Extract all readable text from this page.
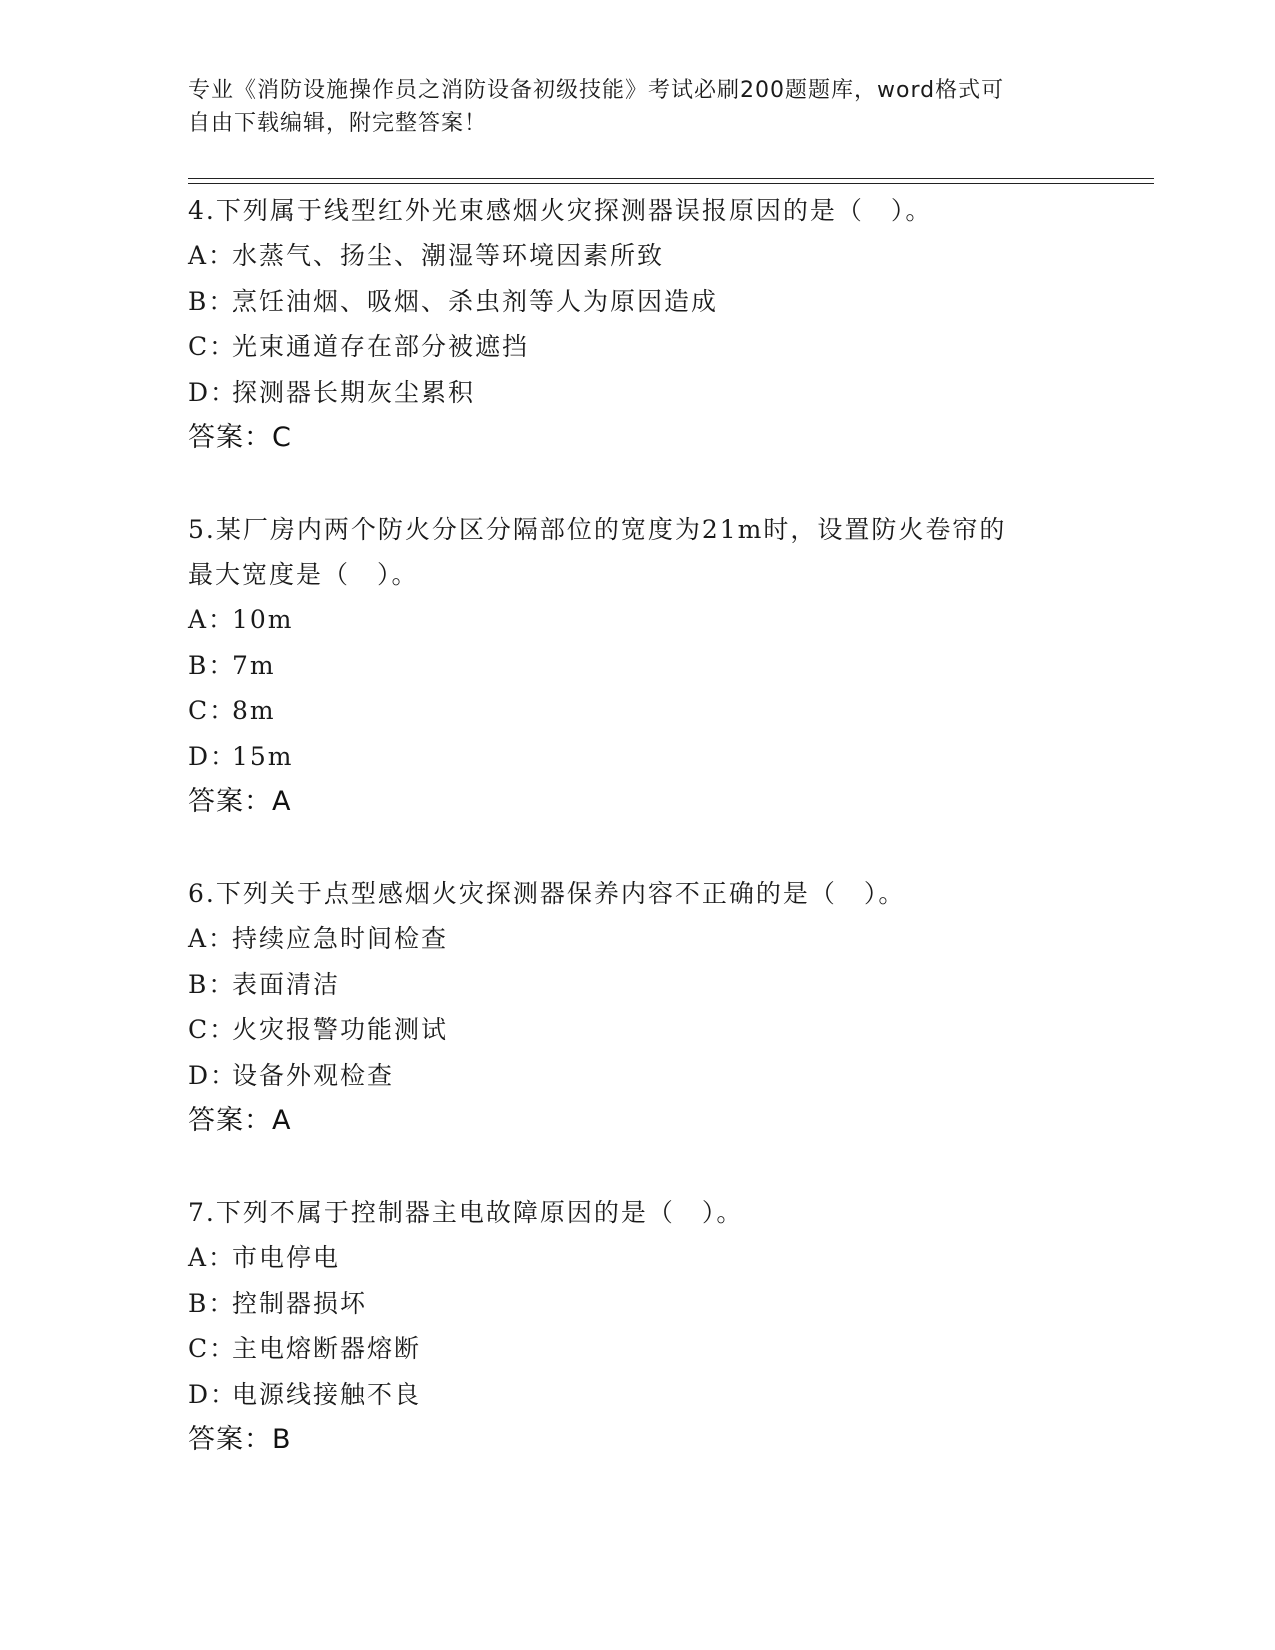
专业《消防设施操作员之消防设备初级技能》考试必刷200题题库，word格式可
自由下载编辑，附完整答案！

4.下列属于线型红外光束感烟火灾探测器误报原因的是（　）。

A：水蒸气、扬尘、潮湿等环境因素所致

B：烹饪油烟、吸烟、杀虫剂等人为原因造成

C：光束通道存在部分被遮挡

D：探测器长期灰尘累积

答案：C

5.某厂房内两个防火分区分隔部位的宽度为21m时，设置防火卷帘的

最大宽度是（　）。

A：10m

B：7m

C：8m

D：15m

答案：A

6.下列关于点型感烟火灾探测器保养内容不正确的是（　）。

A：持续应急时间检查

B：表面清洁

C：火灾报警功能测试

D：设备外观检查

答案：A

7.下列不属于控制器主电故障原因的是（　）。

A：市电停电

B：控制器损坏

C：主电熔断器熔断

D：电源线接触不良

答案：B
